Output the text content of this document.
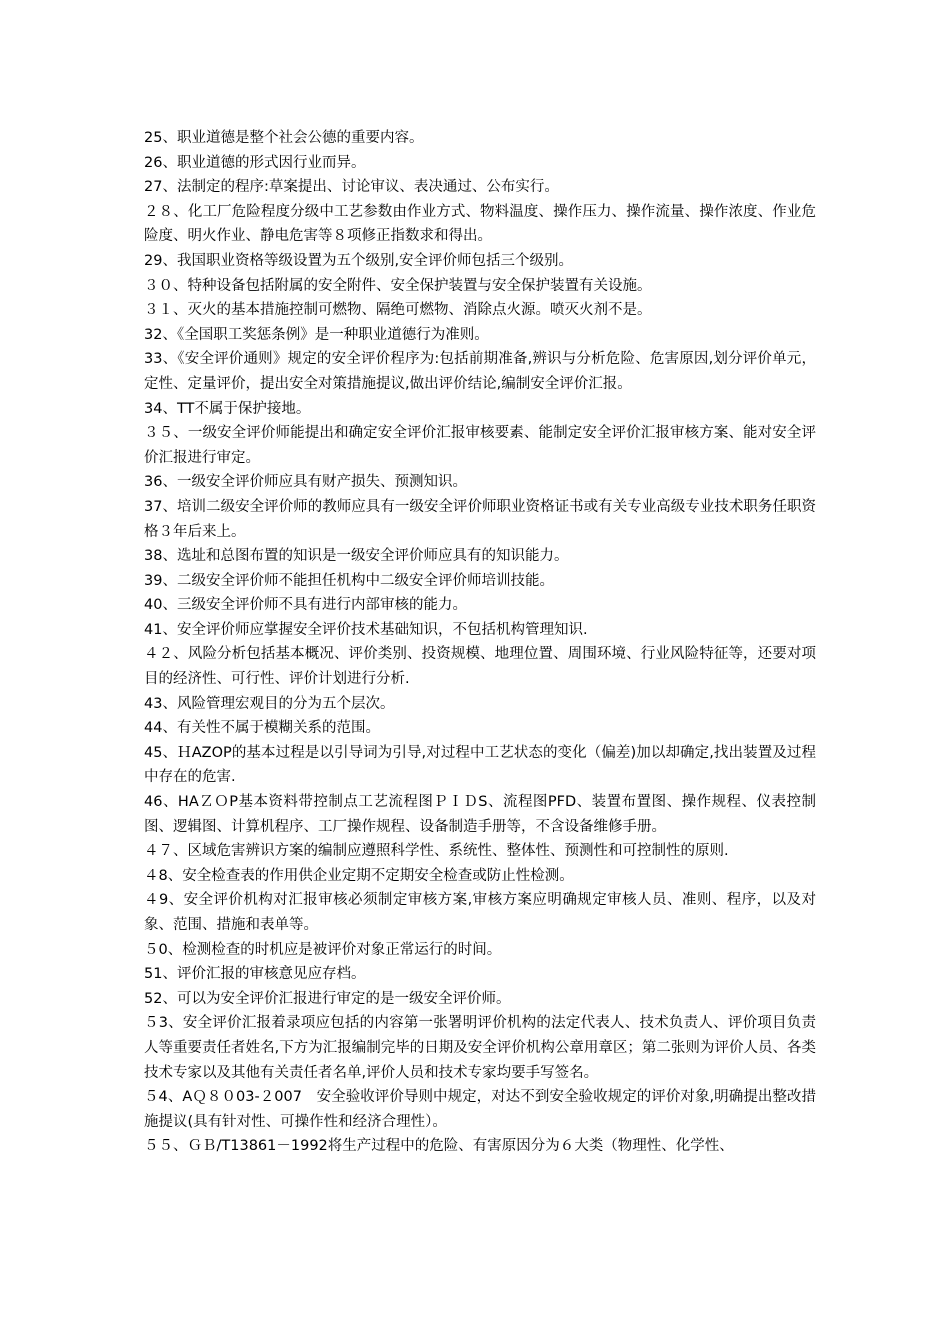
25、职业道德是整个社会公德的重要内容。

26、职业道德的形式因行业而异。

27、法制定的程序:草案提出、讨论审议、表决通过、公布实行。

２８、化工厂危险程度分级中工艺参数由作业方式、物料温度、操作压力、操作流量、操作浓度、作业危险度、明火作业、静电危害等８项修正指数求和得出。

29、我国职业资格等级设置为五个级别,安全评价师包括三个级别。

３０、特种设备包括附属的安全附件、安全保护装置与安全保护装置有关设施。

３１、灭火的基本措施控制可燃物、隔绝可燃物、消除点火源。喷灭火剂不是。

32、《全国职工奖惩条例》是一种职业道德行为准则。

33、《安全评价通则》规定的安全评价程序为:包括前期准备,辨识与分析危险、危害原因,划分评价单元，定性、定量评价，提出安全对策措施提议,做出评价结论,编制安全评价汇报。

34、TT不属于保护接地。

３５、一级安全评价师能提出和确定安全评价汇报审核要素、能制定安全评价汇报审核方案、能对安全评价汇报进行审定。

36、一级安全评价师应具有财产损失、预测知识。

37、培训二级安全评价师的教师应具有一级安全评价师职业资格证书或有关专业高级专业技术职务任职资格３年后来上。

38、选址和总图布置的知识是一级安全评价师应具有的知识能力。

39、二级安全评价师不能担任机构中二级安全评价师培训技能。

40、三级安全评价师不具有进行内部审核的能力。

41、安全评价师应掌握安全评价技术基础知识，不包括机构管理知识.

４２、风险分析包括基本概况、评价类别、投资规模、地理位置、周围环境、行业风险特征等，还要对项目的经济性、可行性、评价计划进行分析.

43、风险管理宏观目的分为五个层次。

44、有关性不属于模糊关系的范围。

45、ＨAZOP的基本过程是以引导词为引导,对过程中工艺状态的变化（偏差)加以却确定,找出装置及过程中存在的危害.

46、HAＺＯP基本资料带控制点工艺流程图ＰＩＤS、流程图PFD、装置布置图、操作规程、仪表控制图、逻辑图、计算机程序、工厂操作规程、设备制造手册等，不含设备维修手册。

４７、区域危害辨识方案的编制应遵照科学性、系统性、整体性、预测性和可控制性的原则.

４8、安全检查表的作用供企业定期不定期安全检查或防止性检测。

４9、安全评价机构对汇报审核必须制定审核方案,审核方案应明确规定审核人员、准则、程序，以及对象、范围、措施和表单等。

５0、检测检查的时机应是被评价对象正常运行的时间。

51、评价汇报的审核意见应存档。

52、可以为安全评价汇报进行审定的是一级安全评价师。

５3、安全评价汇报着录项应包括的内容第一张署明评价机构的法定代表人、技术负责人、评价项目负责人等重要责任者姓名,下方为汇报编制完毕的日期及安全评价机构公章用章区；第二张则为评价人员、各类技术专家以及其他有关责任者名单,评价人员和技术专家均要手写签名。

５4、AＱ８０03-２007　安全验收评价导则中规定，对达不到安全验收规定的评价对象,明确提出整改措施提议(具有针对性、可操作性和经济合理性）。

５５、ＧＢ/T13861－1992将生产过程中的危险、有害原因分为６大类（物理性、化学性、
